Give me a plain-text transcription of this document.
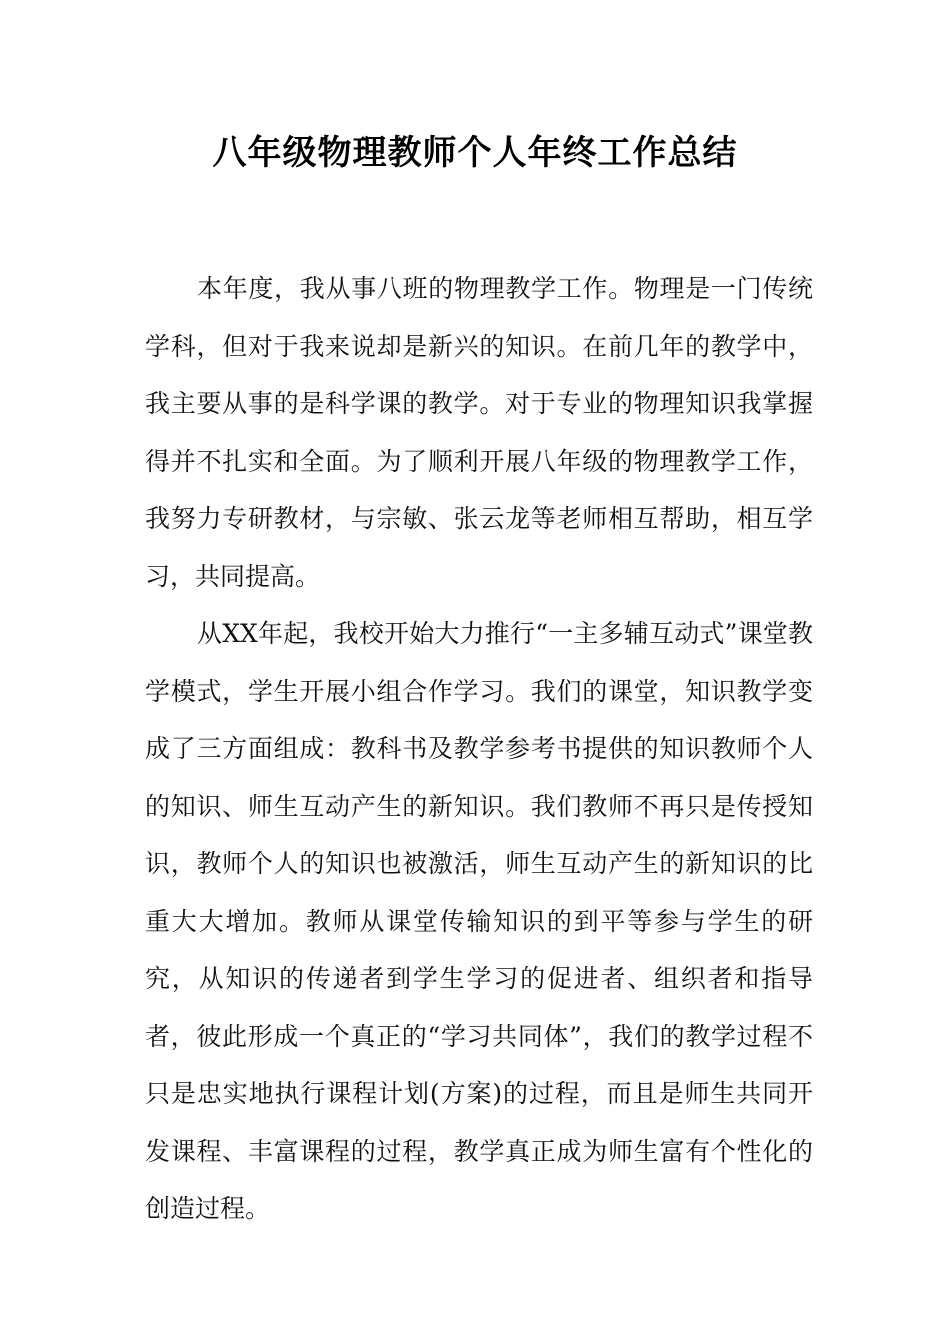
八年级物理教师个人年终工作总结

本年度，我从事八班的物理教学工作。物理是一门传统学科，但对于我来说却是新兴的知识。在前几年的教学中，我主要从事的是科学课的教学。对于专业的物理知识我掌握得并不扎实和全面。为了顺利开展八年级的物理教学工作，我努力专研教材，与宗敏、张云龙等老师相互帮助，相互学习，共同提高。

从XX年起，我校开始大力推行“一主多辅互动式”课堂教学模式，学生开展小组合作学习。我们的课堂，知识教学变成了三方面组成：教科书及教学参考书提供的知识教师个人的知识、师生互动产生的新知识。我们教师不再只是传授知识，教师个人的知识也被激活，师生互动产生的新知识的比重大大增加。教师从课堂传输知识的到平等参与学生的研究，从知识的传递者到学生学习的促进者、组织者和指导者，彼此形成一个真正的“学习共同体”，我们的教学过程不只是忠实地执行课程计划(方案)的过程，而且是师生共同开发课程、丰富课程的过程，教学真正成为师生富有个性化的创造过程。
